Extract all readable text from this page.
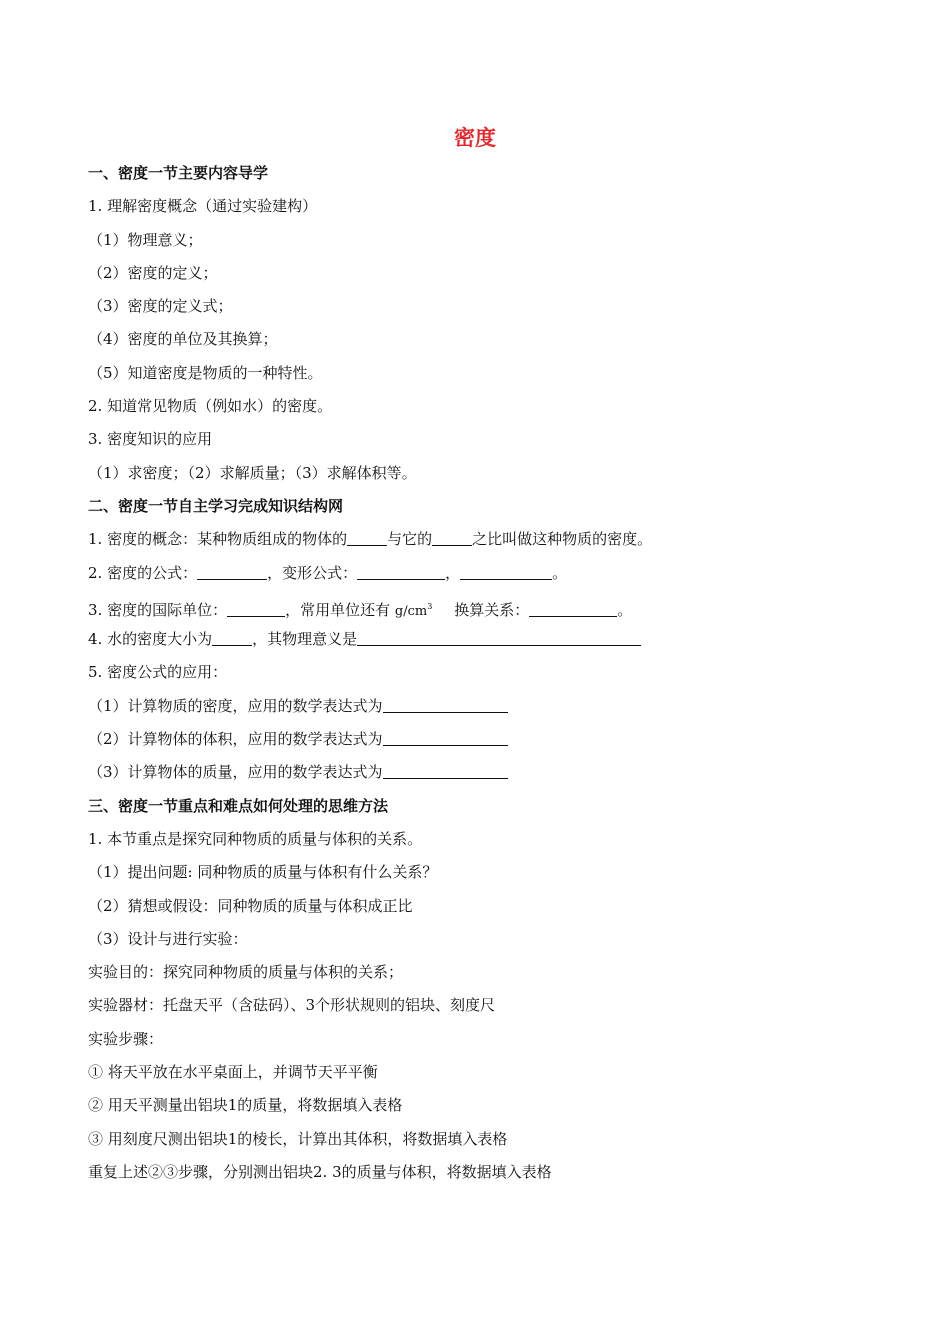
密度
一、密度一节主要内容导学
1. 理解密度概念（通过实验建构）
（1）物理意义；
（2）密度的定义；
（3）密度的定义式；
（4）密度的单位及其换算；
（5）知道密度是物质的一种特性。
2. 知道常见物质（例如水）的密度。
3. 密度知识的应用
（1）求密度；（2）求解质量；（3）求解体积等。
二、密度一节自主学习完成知识结构网
1. 密度的概念：某种物质组成的物体的	与它的	之比叫做这种物质的密度。
2. 密度的公式：	，变形公式：	，	。
3. 密度的国际单位：	，常用单位还有 $g/cm^3$ 换算关系：	。
4. 水的密度大小为	，其物理意义是
5. 密度公式的应用：
（1）计算物质的密度，应用的数学表达式为
（2）计算物体的体积，应用的数学表达式为
（3）计算物体的质量，应用的数学表达式为
三、密度一节重点和难点如何处理的思维方法
1. 本节重点是探究同种物质的质量与体积的关系。
（1）提出问题: 同种物质的质量与体积有什么关系？
（2）猜想或假设：同种物质的质量与体积成正比
（3）设计与进行实验：
实验目的：探究同种物质的质量与体积的关系；
实验器材：托盘天平（含砝码）、3个形状规则的铝块、刻度尺
实验步骤：
① 将天平放在水平桌面上，并调节天平平衡
② 用天平测量出铝块1的质量，将数据填入表格
③ 用刻度尺测出铝块1的棱长，计算出其体积，将数据填入表格
重复上述②③步骤，分别测出铝块2. 3的质量与体积，将数据填入表格
